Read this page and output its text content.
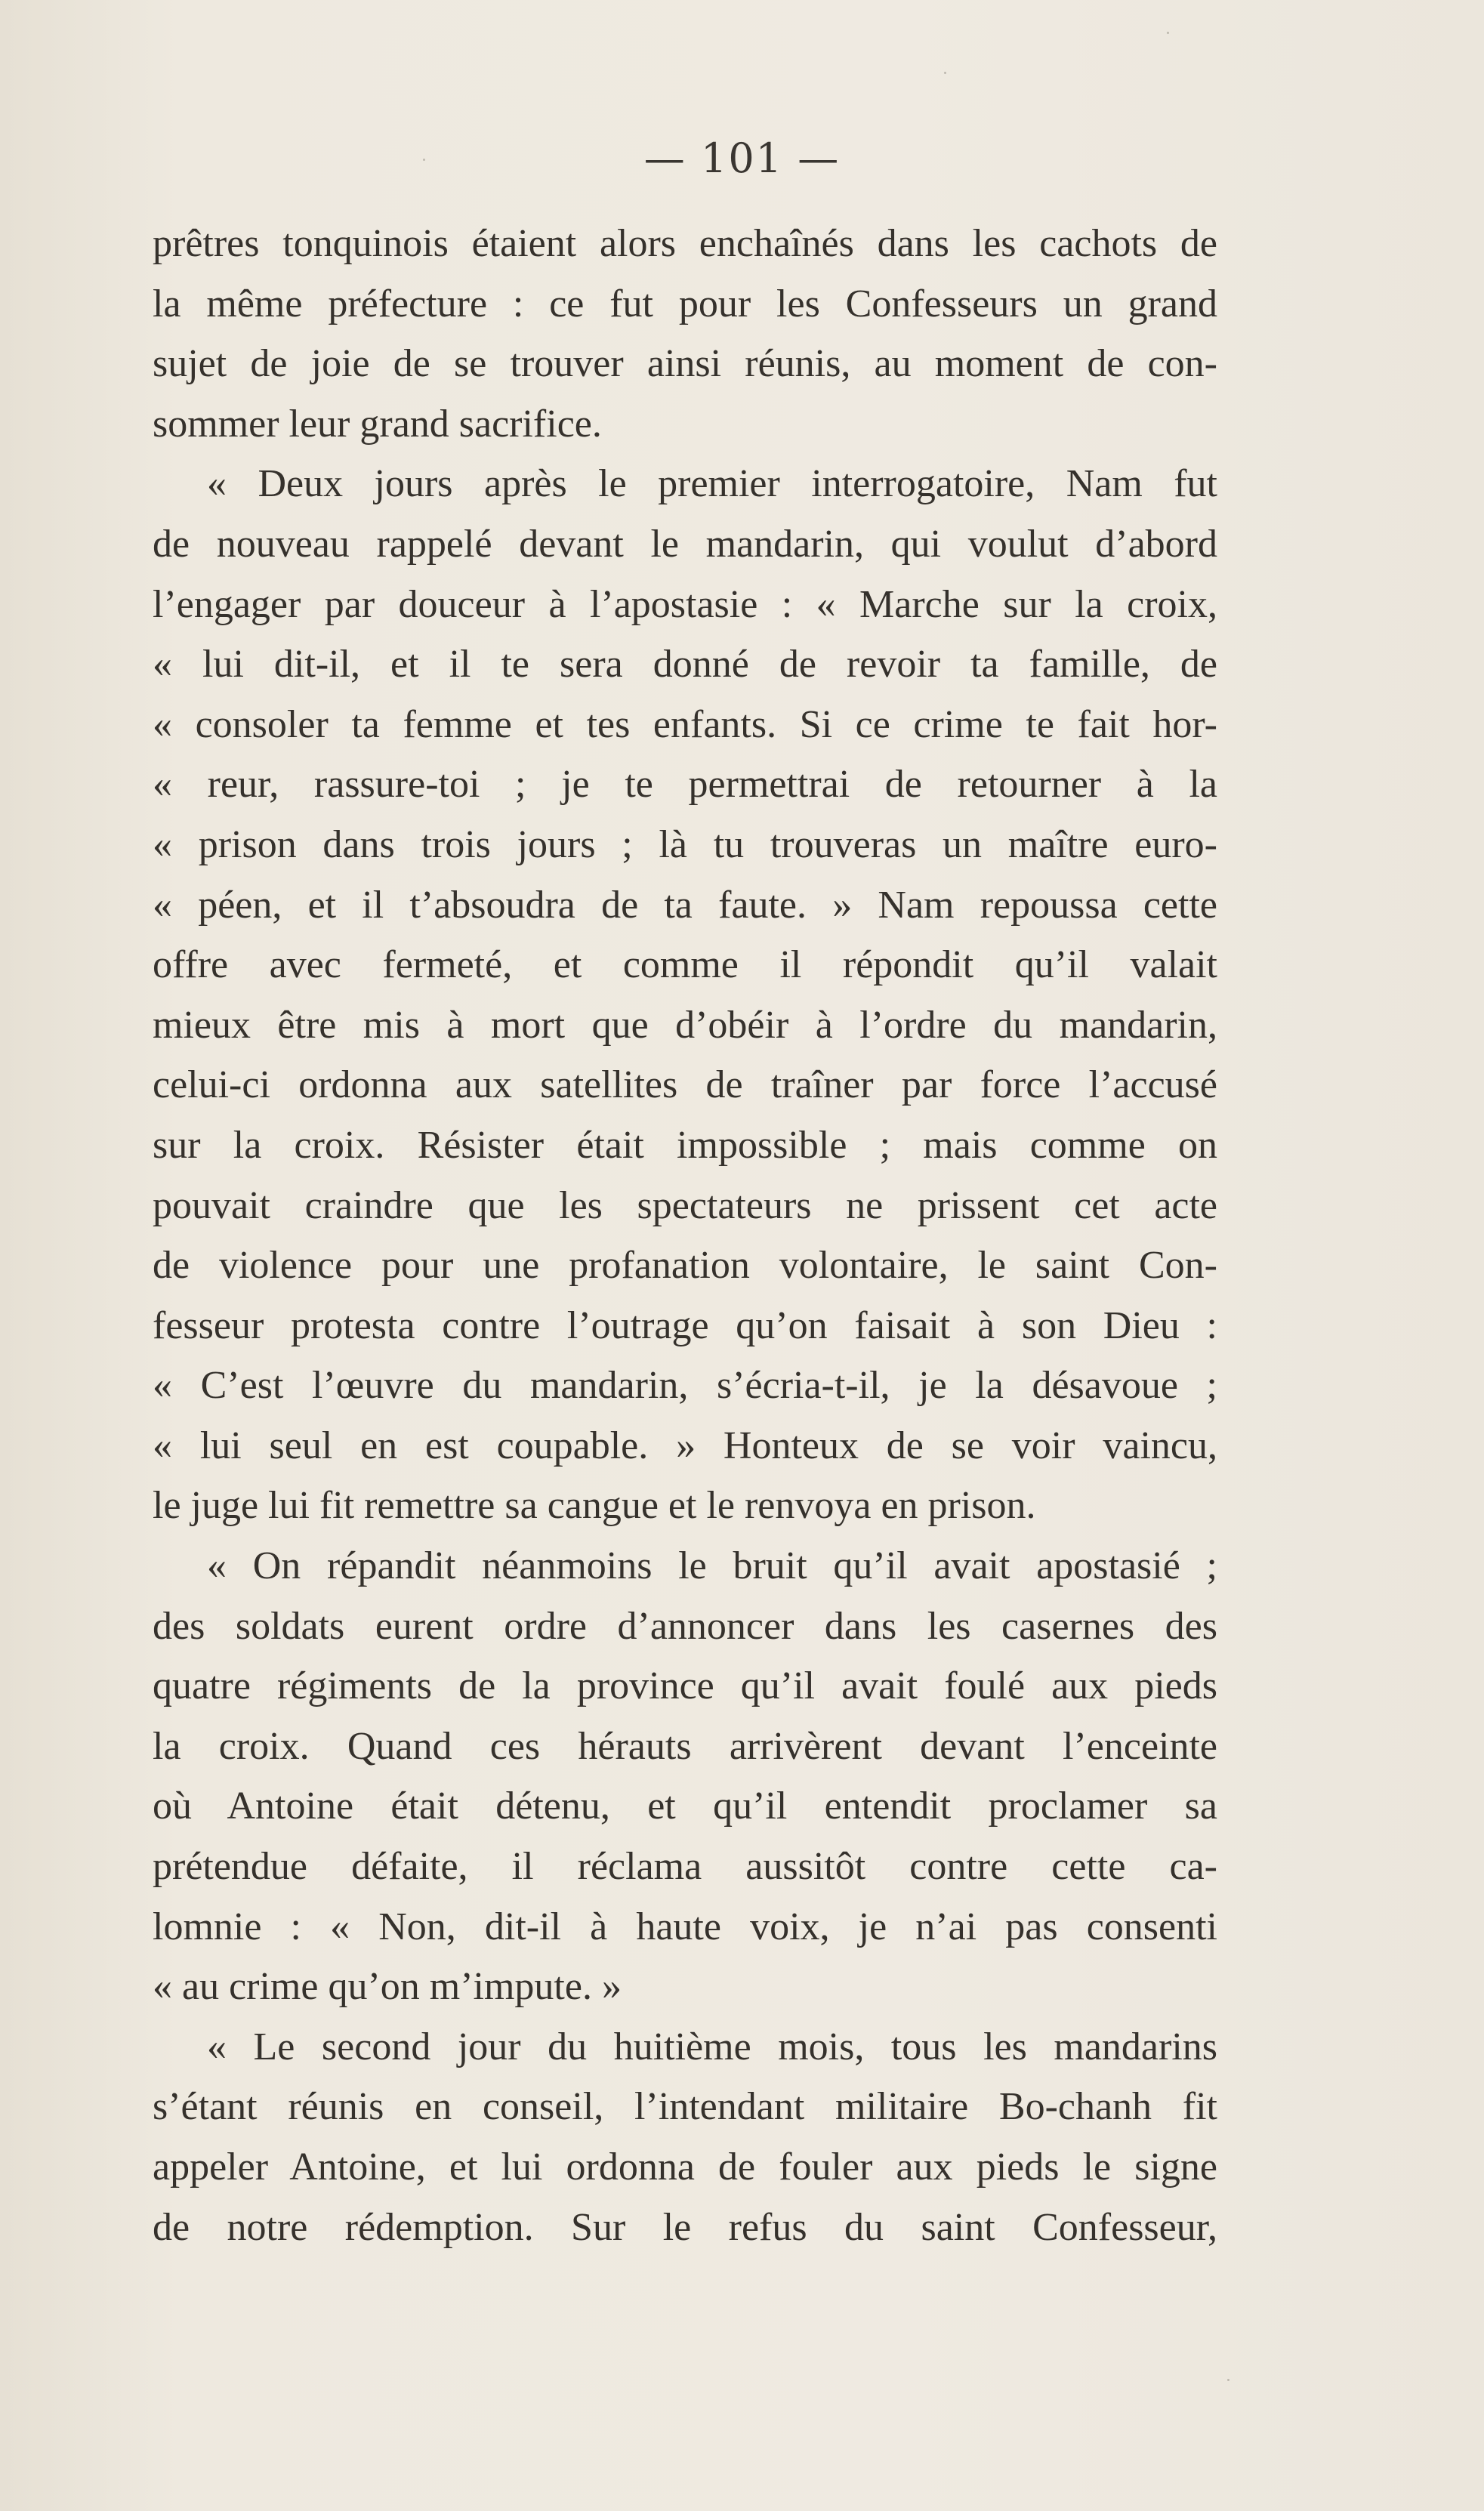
— 101 —
prêtres tonquinois étaient alors enchaînés dans les cachots de
la même préfecture : ce fut pour les Confesseurs un grand
sujet de joie de se trouver ainsi réunis, au moment de con-
sommer leur grand sacrifice.
« Deux jours après le premier interrogatoire, Nam fut
de nouveau rappelé devant le mandarin, qui voulut d’abord
l’engager par douceur à l’apostasie : « Marche sur la croix,
« lui dit-il, et il te sera donné de revoir ta famille, de
« consoler ta femme et tes enfants. Si ce crime te fait hor-
« reur, rassure-toi ; je te permettrai de retourner à la
« prison dans trois jours ; là tu trouveras un maître euro-
« péen, et il t’absoudra de ta faute. » Nam repoussa cette
offre avec fermeté, et comme il répondit qu’il valait
mieux être mis à mort que d’obéir à l’ordre du mandarin,
celui-ci ordonna aux satellites de traîner par force l’accusé
sur la croix. Résister était impossible ; mais comme on
pouvait craindre que les spectateurs ne prissent cet acte
de violence pour une profanation volontaire, le saint Con-
fesseur protesta contre l’outrage qu’on faisait à son Dieu :
« C’est l’œuvre du mandarin, s’écria-t-il, je la désavoue ;
« lui seul en est coupable. » Honteux de se voir vaincu,
le juge lui fit remettre sa cangue et le renvoya en prison.
« On répandit néanmoins le bruit qu’il avait apostasié ;
des soldats eurent ordre d’annoncer dans les casernes des
quatre régiments de la province qu’il avait foulé aux pieds
la croix. Quand ces hérauts arrivèrent devant l’enceinte
où Antoine était détenu, et qu’il entendit proclamer sa
prétendue défaite, il réclama aussitôt contre cette ca-
lomnie : « Non, dit-il à haute voix, je n’ai pas consenti
« au crime qu’on m’impute. »
« Le second jour du huitième mois, tous les mandarins
s’étant réunis en conseil, l’intendant militaire Bo-chanh fit
appeler Antoine, et lui ordonna de fouler aux pieds le signe
de notre rédemption. Sur le refus du saint Confesseur,
